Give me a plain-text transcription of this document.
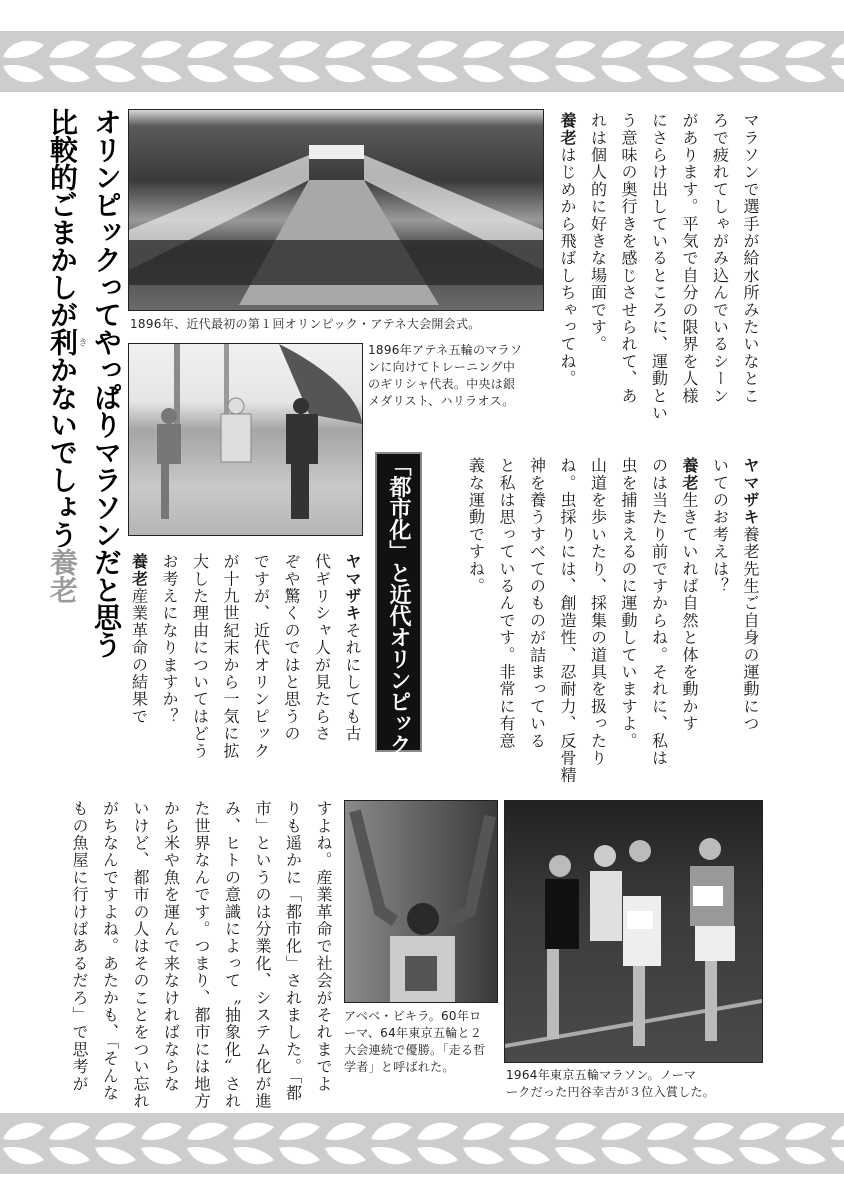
オリンピックってやっぱりマラソンだと思う
比較的ごまかしが利きかないでしょう養老
1896年、近代最初の第１回オリンピック・アテネ大会開会式。
1896年アテネ五輪のマラソ
ンに向けてトレーニング中
のギリシャ代表。中央は銀
メダリスト、ハリラオス。	マラソンで選手が給水所みたいなとこ
ろで疲れてしゃがみ込んでいるシーン
があります。平気で自分の限界を人様
にさらけ出しているところに、運動とい
う意味の奥行きを感じさせられて、あ
れは個人的に好きな場面です。
養老はじめから飛ばしちゃってね。
ヤマザキ養老先生ご自身の運動につ
いてのお考えは？
養老生きていれば自然と体を動かす
のは当たり前ですからね。それに、私は
虫を捕まえるのに運動していますよ。
山道を歩いたり、採集の道具を扱ったり
ね。虫採りには、創造性、忍耐力、反骨精
神を養うすべてのものが詰まっている
と私は思っているんです。非常に有意
義な運動ですね。
「都市化」と近代オリンピック
ヤマザキそれにしても古
代ギリシャ人が見たらさ
ぞや驚くのではと思うの
ですが、近代オリンピック
が十九世紀末から一気に拡
大した理由についてはどう
お考えになりますか？
養老産業革命の結果で
すよね。産業革命で社会がそれまでよ
りも遥かに「都市化」されました。「都
市」というのは分業化、システム化が進
み、ヒトの意識によって〝抽象化〟され
た世界なんです。つまり、都市には地方
から米や魚を運んで来なければならな
いけど、都市の人はそのことをつい忘れ
がちなんですよね。あたかも、「そんな
もの魚屋に行けばあるだろ」で思考が	アベベ・ビキラ。60年ロ
ーマ、64年東京五輪と２
大会連続で優勝。「走る哲
学者」と呼ばれた。
1964年東京五輪マラソン。ノーマ
ークだった円谷幸吉が３位入賞した。
